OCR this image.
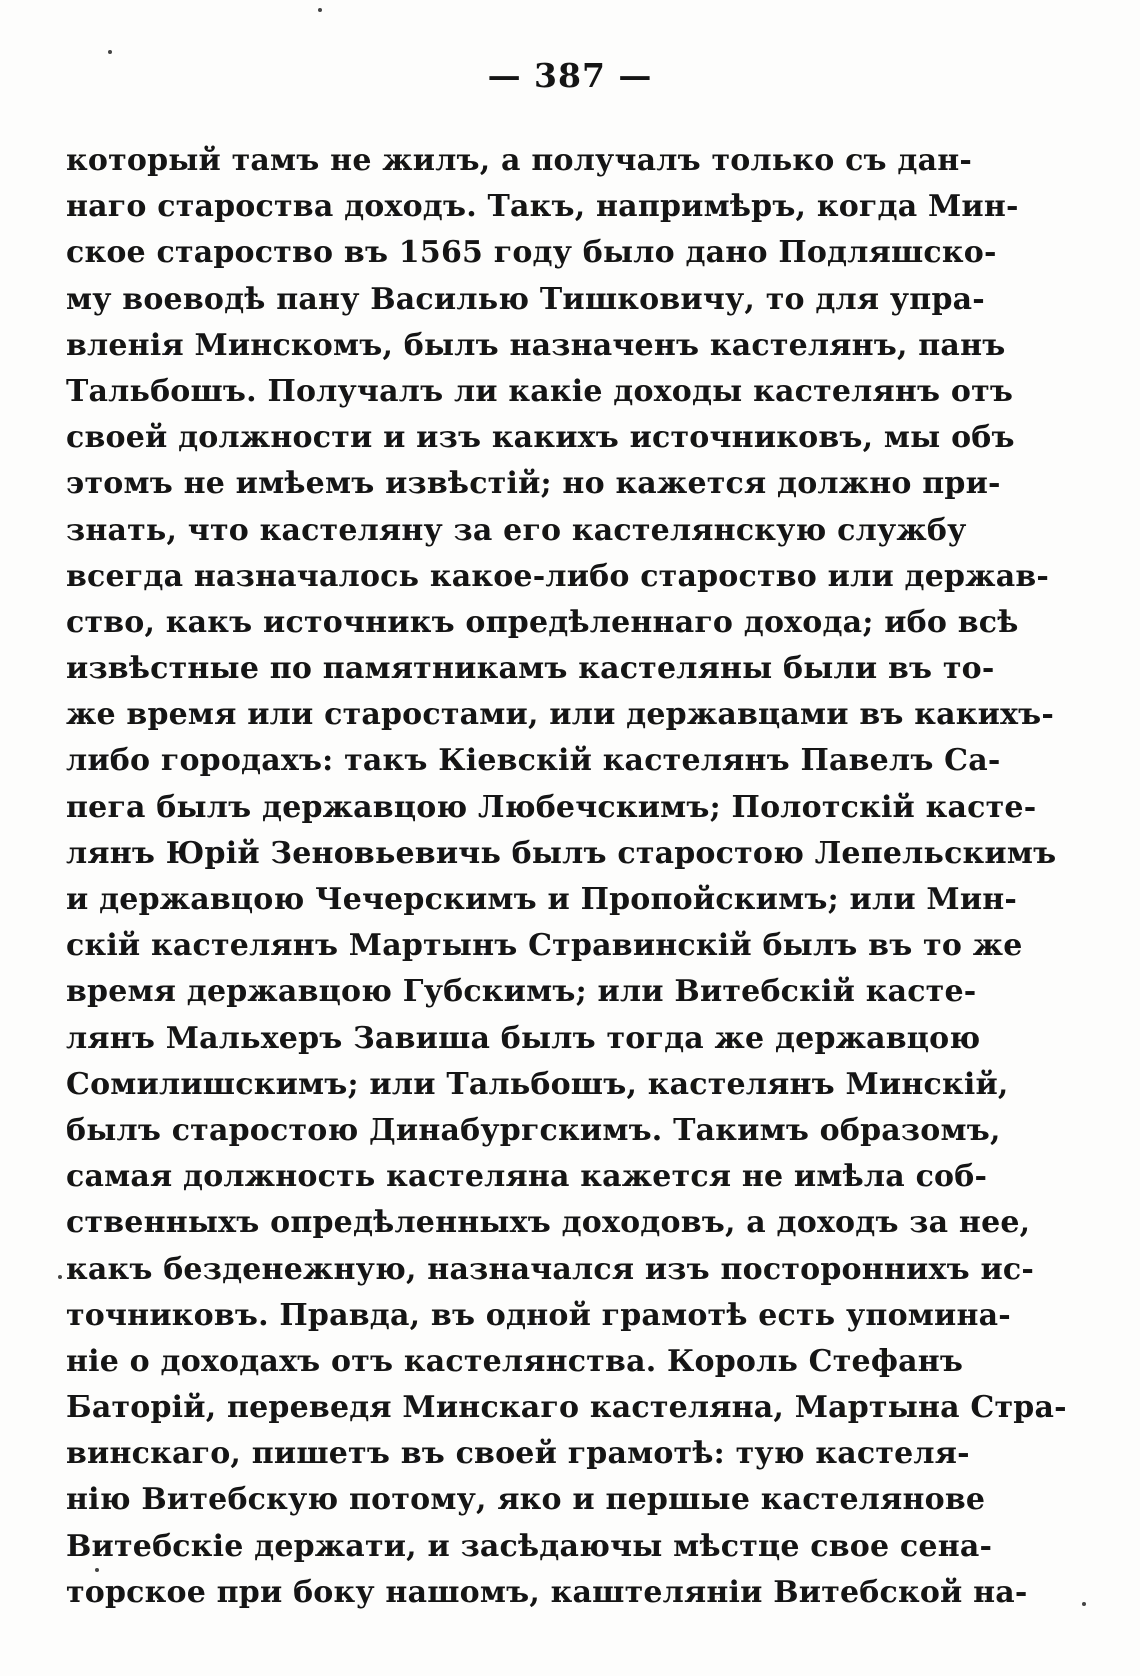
— 387 —
который тамъ не жилъ, а получалъ только съ дан-
наго староства доходъ. Такъ, напримѣръ, когда Мин-
ское староство въ 1565 году было дано Подляшско-
му воеводѣ пану Василью Тишковичу, то для упра-
вленія Минскомъ, былъ назначенъ кастелянъ, панъ
Тальбошъ. Получалъ ли какіе доходы кастелянъ отъ
своей должности и изъ какихъ источниковъ, мы объ
этомъ не имѣемъ извѣстій; но кажется должно при-
знать, что кастеляну за его кастелянскую службу
всегда назначалось какое-либо староство или держав-
ство, какъ источникъ опредѣленнаго дохода; ибо всѣ
извѣстные по памятникамъ кастеляны были въ то-
же время или старостами, или державцами въ какихъ-
либо городахъ: такъ Кіевскій кастелянъ Павелъ Са-
пега былъ державцою Любечскимъ; Полотскій касте-
лянъ Юрій Зеновьевичь былъ старостою Лепельскимъ
и державцою Чечерскимъ и Пропойскимъ; или Мин-
скій кастелянъ Мартынъ Стравинскій былъ въ то же
время державцою Губскимъ; или Витебскій касте-
лянъ Мальхеръ Завиша былъ тогда же державцою
Сомилишскимъ; или Тальбошъ, кастелянъ Минскій,
былъ старостою Динабургскимъ. Такимъ образомъ,
самая должность кастеляна кажется не имѣла соб-
ственныхъ опредѣленныхъ доходовъ, а доходъ за нее,
какъ безденежную, назначался изъ постороннихъ ис-
точниковъ. Правда, въ одной грамотѣ есть упомина-
ніе о доходахъ отъ кастелянства. Король Стефанъ
Баторій, переведя Минскаго кастеляна, Мартына Стра-
винскаго, пишетъ въ своей грамотѣ: тую кастеля-
нію Витебскую потому, яко и першые кастелянове
Витебскіе держати, и засѣдаючы мѣстце свое сена-
торское при боку нашомъ, каштеляніи Витебской на-
